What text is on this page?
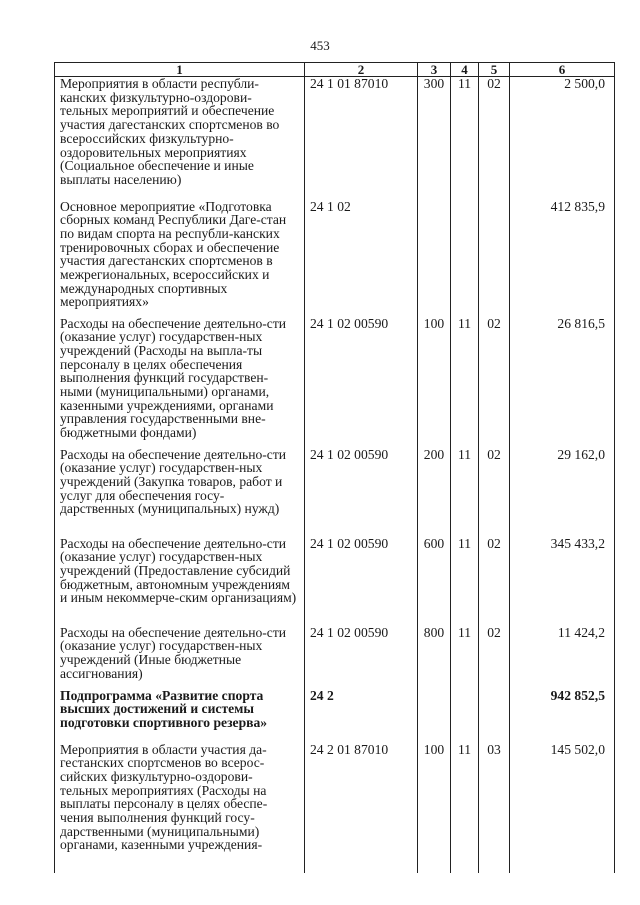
453
1	2	3	4	5	6
Мероприятия в области республи-канских физкультурно-оздорови-тельных мероприятий и обеспечение участия дагестанских спортсменов во всероссийских физкультурно-оздоровительных мероприятиях (Социальное обеспечение и иные выплаты населению)	24 1 01 87010	300	11	02	2 500,0
Основное мероприятие «Подготовка сборных команд Республики Даге-стан по видам спорта на республи-канских тренировочных сборах и обеспечение участия дагестанских спортсменов в межрегиональных, всероссийских и международных спортивных мероприятиях»	24 1 02				412 835,9
Расходы на обеспечение деятельно-сти (оказание услуг) государствен-ных учреждений (Расходы на выпла-ты персоналу в целях обеспечения выполнения функций государствен-ными (муниципальными) органами, казенными учреждениями, органами управления государственными вне-бюджетными фондами)	24 1 02 00590	100	11	02	26 816,5
Расходы на обеспечение деятельно-сти (оказание услуг) государствен-ных учреждений (Закупка товаров, работ и услуг для обеспечения госу-дарственных (муниципальных) нужд)	24 1 02 00590	200	11	02	29 162,0
Расходы на обеспечение деятельно-сти (оказание услуг) государствен-ных учреждений (Предоставление субсидий бюджетным, автономным учреждениям и иным некоммерче-ским организациям)	24 1 02 00590	600	11	02	345 433,2
Расходы на обеспечение деятельно-сти (оказание услуг) государствен-ных учреждений (Иные бюджетные ассигнования)	24 1 02 00590	800	11	02	11 424,2
Подпрограмма «Развитие спорта высших достижений и системы подготовки спортивного резерва»	24 2				942 852,5
Мероприятия в области участия да-гестанских спортсменов во всерос-сийских физкультурно-оздорови-тельных мероприятиях (Расходы на выплаты персоналу в целях обеспе-чения выполнения функций госу-дарственными (муниципальными) органами, казенными учреждения-	24 2 01 87010	100	11	03	145 502,0
